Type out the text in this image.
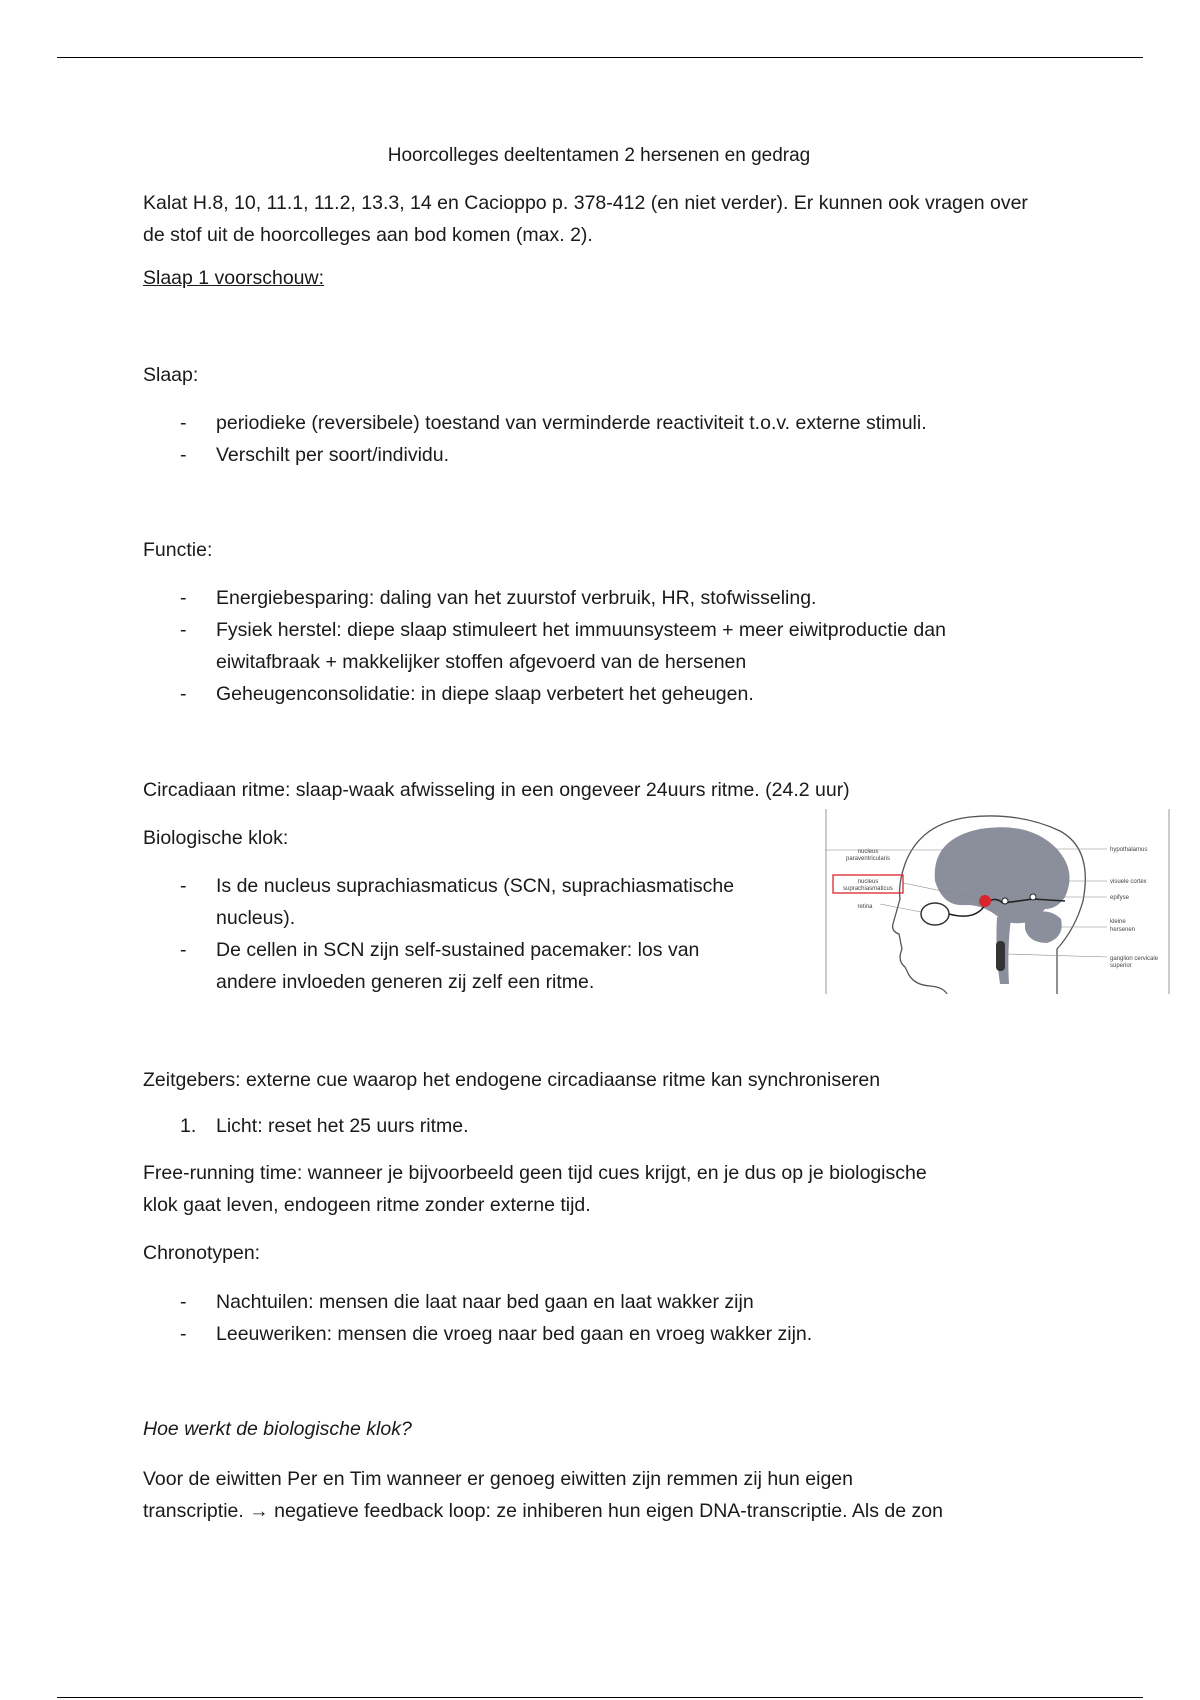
Hoorcolleges deeltentamen 2 hersenen en gedrag

Kalat H.8, 10, 11.1, 11.2, 13.3, 14 en Cacioppo p. 378-412 (en niet verder). Er kunnen ook vragen over
de stof uit de hoorcolleges aan bod komen (max. 2).

Slaap 1 voorschouw:

Slaap:

- periodieke (reversibele) toestand van verminderde reactiviteit t.o.v. externe stimuli.
- Verschilt per soort/individu.

Functie:

- Energiebesparing: daling van het zuurstof verbruik, HR, stofwisseling.
- Fysiek herstel: diepe slaap stimuleert het immuunsysteem + meer eiwitproductie dan
eiwitafbraak + makkelijker stoffen afgevoerd van de hersenen
- Geheugenconsolidatie: in diepe slaap verbetert het geheugen.

Circadiaan ritme: slaap-waak afwisseling in een ongeveer 24uurs ritme. (24.2 uur)

Biologische klok:

- Is de nucleus suprachiasmaticus (SCN, suprachiasmatische
nucleus).
- De cellen in SCN zijn self-sustained pacemaker: los van
andere invloeden generen zij zelf een ritme.
nucleus
paraventricularis
nucleus
suprachiasmaticus
retina
hypothalamus
visuele cortex
epifyse
kleine
hersenen
ganglion cervicale
superior

Zeitgebers: externe cue waarop het endogene circadiaanse ritme kan synchroniseren

1. Licht: reset het 25 uurs ritme.

Free-running time: wanneer je bijvoorbeeld geen tijd cues krijgt, en je dus op je biologische
klok gaat leven, endogeen ritme zonder externe tijd.

Chronotypen:

- Nachtuilen: mensen die laat naar bed gaan en laat wakker zijn
- Leeuweriken: mensen die vroeg naar bed gaan en vroeg wakker zijn.

Hoe werkt de biologische klok?

Voor de eiwitten Per en Tim wanneer er genoeg eiwitten zijn remmen zij hun eigen
transcriptie. → negatieve feedback loop: ze inhiberen hun eigen DNA-transcriptie. Als de zon
